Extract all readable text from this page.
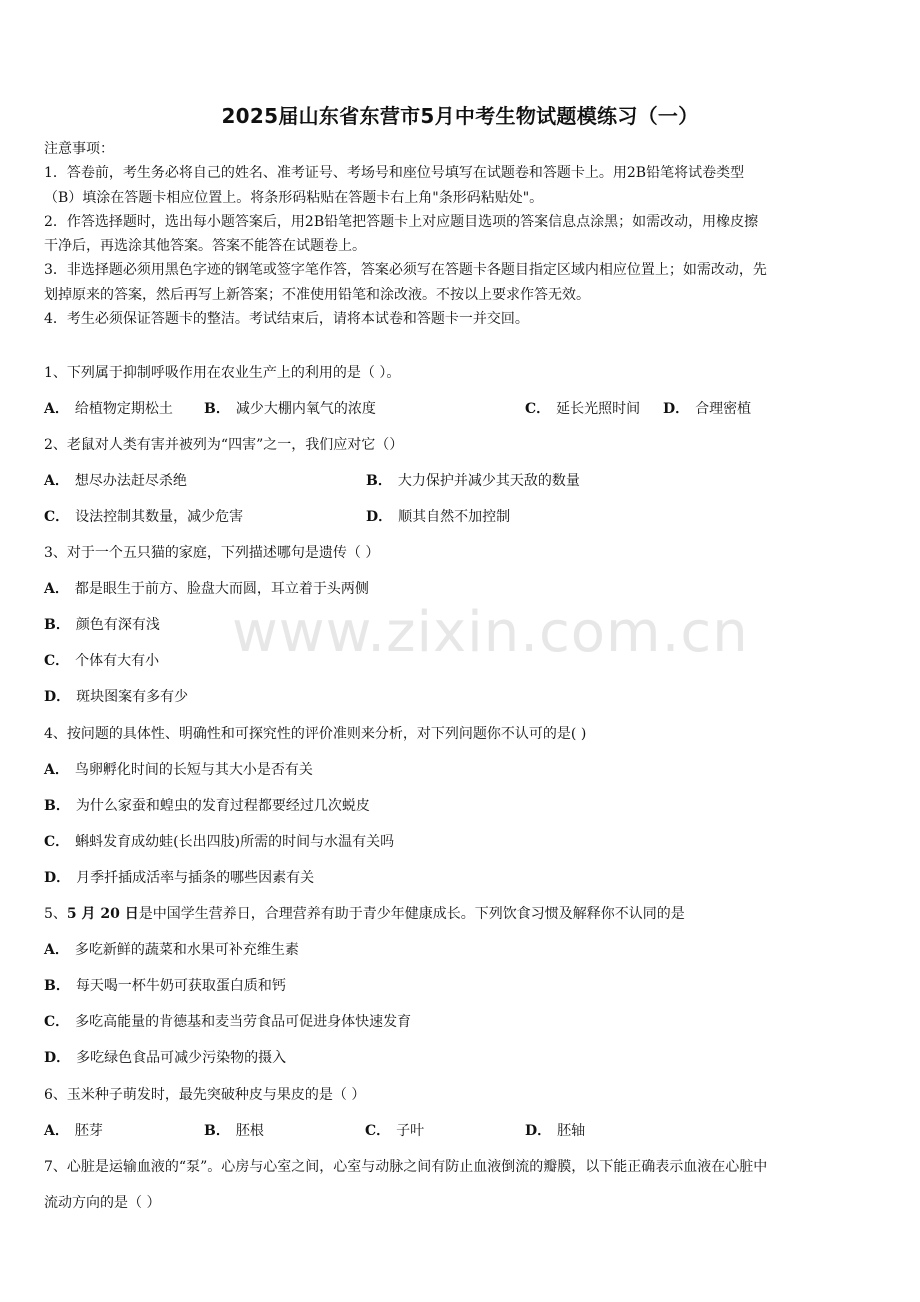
2025届山东省东营市5月中考生物试题模练习（一）
注意事项：
1．答卷前，考生务必将自己的姓名、准考证号、考场号和座位号填写在试题卷和答题卡上。用2B铅笔将试卷类型
（B）填涂在答题卡相应位置上。将条形码粘贴在答题卡右上角"条形码粘贴处"。
2．作答选择题时，选出每小题答案后，用2B铅笔把答题卡上对应题目选项的答案信息点涂黑；如需改动，用橡皮擦
干净后，再选涂其他答案。答案不能答在试题卷上。
3．非选择题必须用黑色字迹的钢笔或签字笔作答，答案必须写在答题卡各题目指定区域内相应位置上；如需改动，先
划掉原来的答案，然后再写上新答案；不准使用铅笔和涂改液。不按以上要求作答无效。
4．考生必须保证答题卡的整洁。考试结束后，请将本试卷和答题卡一并交回。
1、下列属于抑制呼吸作用在农业生产上的利用的是（ ）。
A． 给植物定期松土 B． 减少大棚内氧气的浓度	C． 延长光照时间 D． 合理密植
2、老鼠对人类有害并被列为“四害”之一，我们应对它（）
A． 想尽办法赶尽杀绝	B． 大力保护并减少其天敌的数量
C． 设法控制其数量，减少危害	D． 顺其自然不加控制
3、对于一个五只猫的家庭，下列描述哪句是遗传（ ）
A． 都是眼生于前方、脸盘大而圆，耳立着于头两侧
B． 颜色有深有浅
C． 个体有大有小
D． 斑块图案有多有少
4、按问题的具体性、明确性和可探究性的评价准则来分析，对下列问题你不认可的是( )
A． 鸟卵孵化时间的长短与其大小是否有关
B． 为什么家蚕和蝗虫的发育过程都要经过几次蜕皮
C． 蝌蚪发育成幼蛙(长出四肢)所需的时间与水温有关吗
D． 月季扦插成活率与插条的哪些因素有关
5、5 月 20 日是中国学生营养日，合理营养有助于青少年健康成长。下列饮食习惯及解释你不认同的是
A． 多吃新鲜的蔬菜和水果可补充维生素
B． 每天喝一杯牛奶可获取蛋白质和钙
C． 多吃高能量的肯德基和麦当劳食品可促进身体快速发育
D． 多吃绿色食品可减少污染物的摄入
6、玉米种子萌发时，最先突破种皮与果皮的是（ ）
A． 胚芽	B． 胚根	C． 子叶	D． 胚轴
7、心脏是运输血液的“泵”。心房与心室之间，心室与动脉之间有防止血液倒流的瓣膜，以下能正确表示血液在心脏中
流动方向的是（ ）
www.zixin.com.cn
